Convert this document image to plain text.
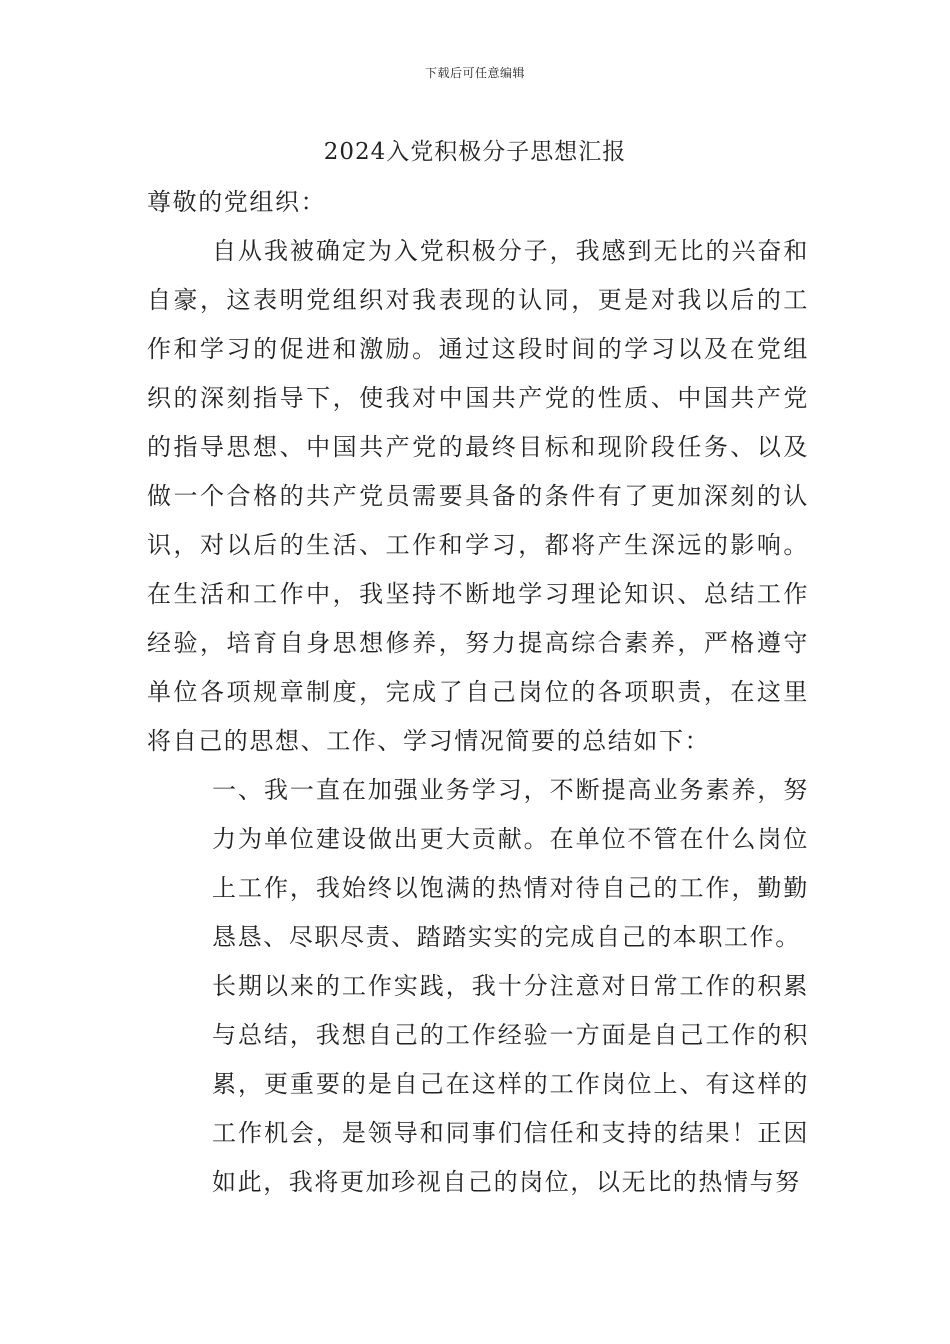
下载后可任意编辑
2024入党积极分子思想汇报

尊敬的党组织：

自从我被确定为入党积极分子，我感到无比的兴奋和自豪，这表明党组织对我表现的认同，更是对我以后的工作和学习的促进和激励。通过这段时间的学习以及在党组织的深刻指导下，使我对中国共产党的性质、中国共产党的指导思想、中国共产党的最终目标和现阶段任务、以及做一个合格的共产党员需要具备的条件有了更加深刻的认识，对以后的生活、工作和学习，都将产生深远的影响。在生活和工作中，我坚持不断地学习理论知识、总结工作经验，培育自身思想修养，努力提高综合素养，严格遵守单位各项规章制度，完成了自己岗位的各项职责，在这里将自己的思想、工作、学习情况简要的总结如下：

一、我一直在加强业务学习，不断提高业务素养，努力为单位建设做出更大贡献。在单位不管在什么岗位上工作，我始终以饱满的热情对待自己的工作，勤勤恳恳、尽职尽责、踏踏实实的完成自己的本职工作。

长期以来的工作实践，我十分注意对日常工作的积累与总结，我想自己的工作经验一方面是自己工作的积累，更重要的是自己在这样的工作岗位上、有这样的工作机会，是领导和同事们信任和支持的结果！正因如此，我将更加珍视自己的岗位，以无比的热情与努
